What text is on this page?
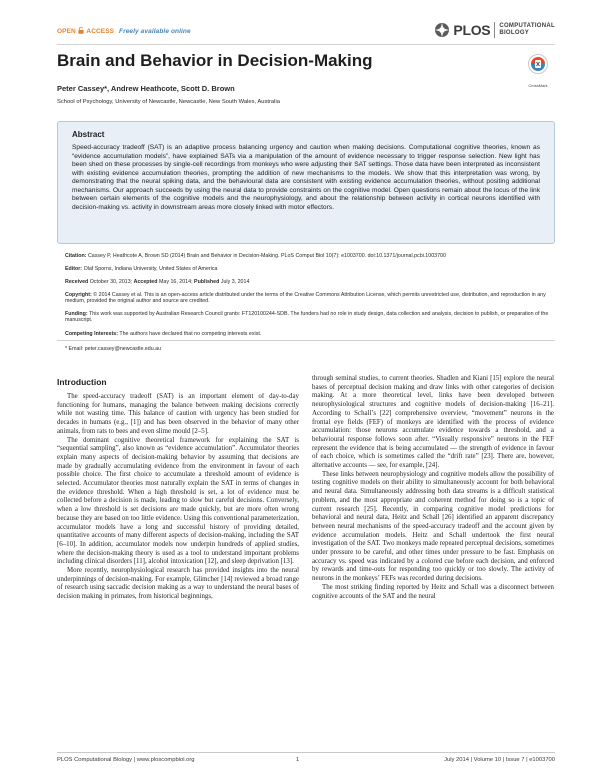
OPEN ACCESS Freely available online	PLOS COMPUTATIONAL
BIOLOGY
CrossMark
Brain and Behavior in Decision-Making
Peter Cassey*, Andrew Heathcote, Scott D. Brown
School of Psychology, University of Newcastle, Newcastle, New South Wales, Australia
Abstract
Speed-accuracy tradeoff (SAT) is an adaptive process balancing urgency and caution when making decisions. Computational cognitive theories, known as “evidence accumulation models”, have explained SATs via a manipulation of the amount of evidence necessary to trigger response selection. New light has been shed on these processes by single-cell recordings from monkeys who were adjusting their SAT settings. Those data have been interpreted as inconsistent with existing evidence accumulation theories, prompting the addition of new mechanisms to the models. We show that this interpretation was wrong, by demonstrating that the neural spiking data, and the behavioural data are consistent with existing evidence accumulation theories, without positing additional mechanisms. Our approach succeeds by using the neural data to provide constraints on the cognitive model. Open questions remain about the locus of the link between certain elements of the cognitive models and the neurophysiology, and about the relationship between activity in cortical neurons identified with decision-making vs. activity in downstream areas more closely linked with motor effectors.
Citation: Cassey P, Heathcote A, Brown SD (2014) Brain and Behavior in Decision-Making. PLoS Comput Biol 10(7): e1003700. doi:10.1371/journal.pcbi.1003700
Editor: Olaf Sporns, Indiana University, United States of America
Received October 30, 2013; Accepted May 16, 2014; Published July 3, 2014
Copyright: © 2014 Cassey et al. This is an open-access article distributed under the terms of the Creative Commons Attribution License, which permits unrestricted use, distribution, and reproduction in any medium, provided the original author and source are credited.
Funding: This work was supported by Australian Research Council grants: FT120100244-SDB. The funders had no role in study design, data collection and analysis, decision to publish, or preparation of the manuscript.
Competing Interests: The authors have declared that no competing interests exist.
* Email: peter.cassey@newcastle.edu.au
Introduction

The speed-accuracy tradeoff (SAT) is an important element of day-to-day functioning for humans, managing the balance between making decisions correctly while not wasting time. This balance of caution with urgency has been studied for decades in humans (e.g., [1]) and has been observed in the behavior of many other animals, from rats to bees and even slime mould [2–5].

The dominant cognitive theoretical framework for explaining the SAT is “sequential sampling”, also known as “evidence accumulation”. Accumulator theories explain many aspects of decision-making behavior by assuming that decisions are made by gradually accumulating evidence from the environment in favour of each possible choice. The first choice to accumulate a threshold amount of evidence is selected. Accumulator theories most naturally explain the SAT in terms of changes in the evidence threshold. When a high threshold is set, a lot of evidence must be collected before a decision is made, leading to slow but careful decisions. Conversely, when a low threshold is set decisions are made quickly, but are more often wrong because they are based on too little evidence. Using this conventional parameterization, accumulator models have a long and successful history of providing detailed, quantitative accounts of many different aspects of decision-making, including the SAT [6–10]. In addition, accumulator models now underpin hundreds of applied studies, where the decision-making theory is used as a tool to understand important problems including clinical disorders [11], alcohol intoxication [12], and sleep deprivation [13].

More recently, neurophysiological research has provided insights into the neural underpinnings of decision-making. For example, Glimcher [14] reviewed a broad range of research using saccadic decision making as a way to understand the neural bases of decision making in primates, from historical beginnings,

through seminal studies, to current theories. Shadlen and Kiani [15] explore the neural bases of perceptual decision making and draw links with other categories of decision making. At a more theoretical level, links have been developed between neurophysiological structures and cognitive models of decision-making [16–21]. According to Schall’s [22] comprehensive overview, “movement” neurons in the frontal eye fields (FEF) of monkeys are identified with the process of evidence accumulation: those neurons accumulate evidence towards a threshold, and a behavioural response follows soon after. “Visually responsive” neurons in the FEF represent the evidence that is being accumulated — the strength of evidence in favour of each choice, which is sometimes called the “drift rate” [23]. There are, however, alternative accounts — see, for example, [24].

These links between neurophysiology and cognitive models allow the possibility of testing cognitive models on their ability to simultaneously account for both behavioral and neural data. Simultaneously addressing both data streams is a difficult statistical problem, and the most appropriate and coherent method for doing so is a topic of current research [25]. Recently, in comparing cognitive model predictions for behavioral and neural data, Heitz and Schall [26] identified an apparent discrepancy between neural mechanisms of the speed-accuracy tradeoff and the account given by evidence accumulation models. Heitz and Schall undertook the first neural investigation of the SAT. Two monkeys made repeated perceptual decisions, sometimes under pressure to be careful, and other times under pressure to be fast. Emphasis on accuracy vs. speed was indicated by a colored cue before each decision, and enforced by rewards and time-outs for responding too quickly or too slowly. The activity of neurons in the monkeys’ FEFs was recorded during decisions.

The most striking finding reported by Heitz and Schall was a disconnect between cognitive accounts of the SAT and the neural

PLOS Computational Biology | www.ploscompbiol.org	1	July 2014 | Volume 10 | Issue 7 | e1003700
